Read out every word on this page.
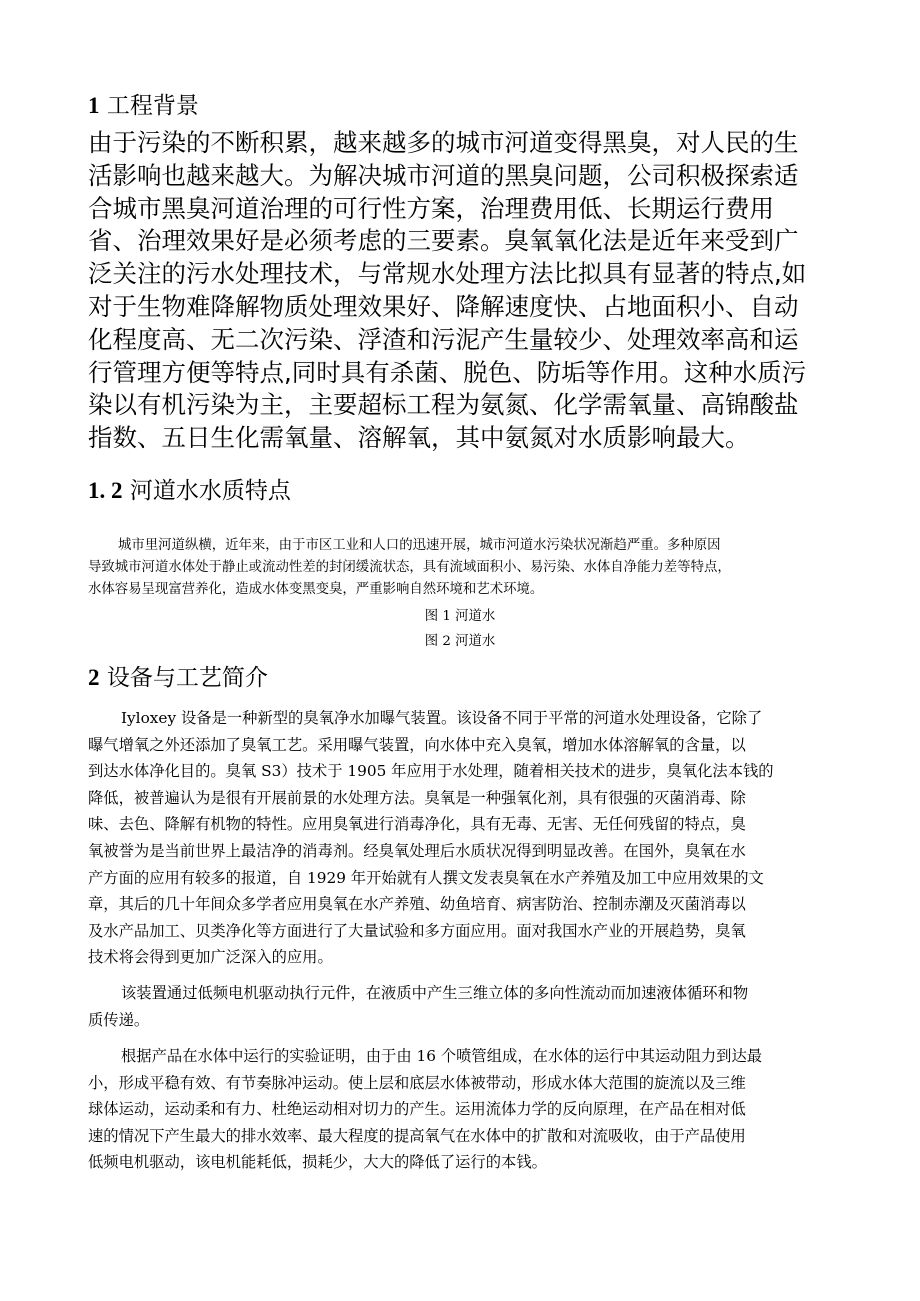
1 工程背景
由于污染的不断积累，越来越多的城市河道变得黑臭，对人民的生
活影响也越来越大。为解决城市河道的黑臭问题，公司积极探索适
合城市黑臭河道治理的可行性方案，治理费用低、长期运行费用
省、治理效果好是必须考虑的三要素。臭氧氧化法是近年来受到广
泛关注的污水处理技术，与常规水处理方法比拟具有显著的特点,如
对于生物难降解物质处理效果好、降解速度快、占地面积小、自动
化程度高、无二次污染、浮渣和污泥产生量较少、处理效率高和运
行管理方便等特点,同时具有杀菌、脱色、防垢等作用。这种水质污
染以有机污染为主，主要超标工程为氨氮、化学需氧量、高锦酸盐
指数、五日生化需氧量、溶解氧，其中氨氮对水质影响最大。
1. 2 河道水水质特点
城市里河道纵横，近年来，由于市区工业和人口的迅速开展，城市河道水污染状况渐趋严重。多种原因
导致城市河道水体处于静止或流动性差的封闭缓流状态，具有流域面积小、易污染、水体自净能力差等特点，
水体容易呈现富营养化，造成水体变黑变臭，严重影响自然环境和艺术环境。
图 1 河道水
图 2 河道水
2 设备与工艺简介
Iyloxey 设备是一种新型的臭氧净水加曝气装置。该设备不同于平常的河道水处理设备，它除了
曝气增氧之外还添加了臭氧工艺。采用曝气装置，向水体中充入臭氧，增加水体溶解氧的含量，以
到达水体净化目的。臭氧 S3）技术于 1905 年应用于水处理，随着相关技术的进步，臭氧化法本钱的
降低，被普遍认为是很有开展前景的水处理方法。臭氧是一种强氧化剂，具有很强的灭菌消毒、除
味、去色、降解有机物的特性。应用臭氧进行消毒净化，具有无毒、无害、无任何残留的特点，臭
氧被誉为是当前世界上最洁净的消毒剂。经臭氧处理后水质状况得到明显改善。在国外，臭氧在水
产方面的应用有较多的报道，自 1929 年开始就有人撰文发表臭氧在水产养殖及加工中应用效果的文
章，其后的几十年间众多学者应用臭氧在水产养殖、幼鱼培育、病害防治、控制赤潮及灭菌消毒以
及水产品加工、贝类净化等方面进行了大量试验和多方面应用。面对我国水产业的开展趋势，臭氧
技术将会得到更加广泛深入的应用。
该装置通过低频电机驱动执行元件，在液质中产生三维立体的多向性流动而加速液体循环和物
质传递。
根据产品在水体中运行的实验证明，由于由 16 个喷管组成，在水体的运行中其运动阻力到达最
小，形成平稳有效、有节奏脉冲运动。使上层和底层水体被带动，形成水体大范围的旋流以及三维
球体运动，运动柔和有力、杜绝运动相对切力的产生。运用流体力学的反向原理，在产品在相对低
速的情况下产生最大的排水效率、最大程度的提高氧气在水体中的扩散和对流吸收，由于产品使用
低频电机驱动，该电机能耗低，损耗少，大大的降低了运行的本钱。
